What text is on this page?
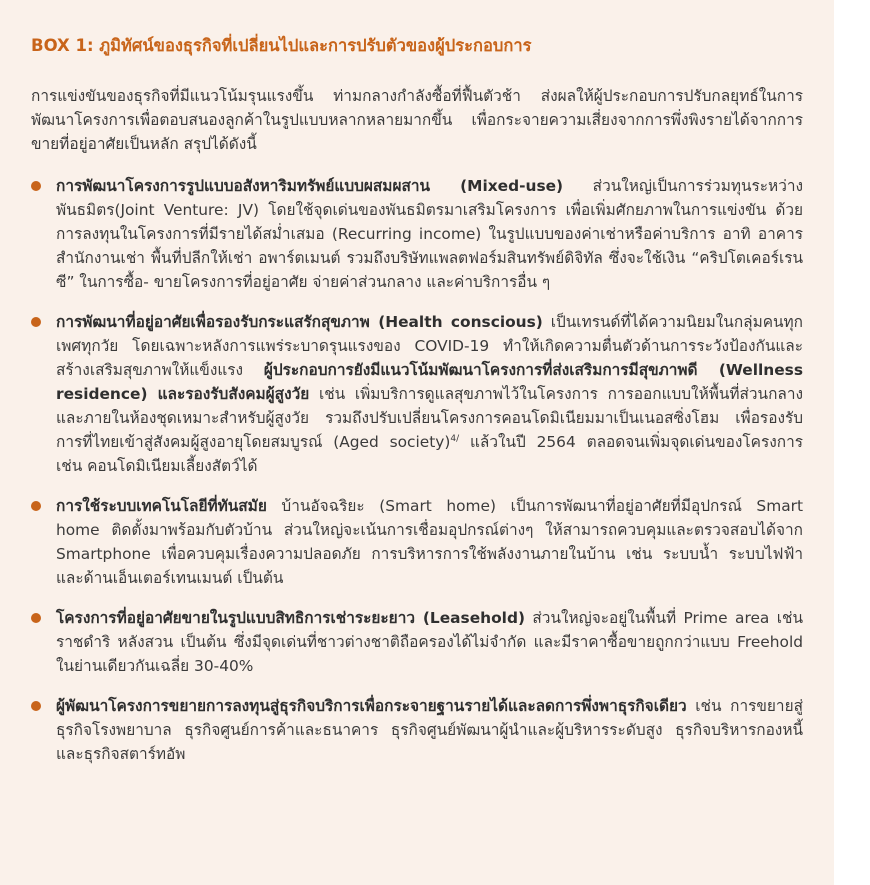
BOX 1: ภูมิทัศน์ของธุรกิจที่เปลี่ยนไปและการปรับตัวของผู้ประกอบการ

การแข่งขันของธุรกิจที่มีแนวโน้มรุนแรงขึ้น ท่ามกลางกำลังซื้อที่ฟื้นตัวช้า ส่งผลให้ผู้ประกอบการปรับกลยุทธ์ในการพัฒนาโครงการเพื่อตอบสนองลูกค้าในรูปแบบหลากหลายมากขึ้น เพื่อกระจายความเสี่ยงจากการพึ่งพิงรายได้จากการขายที่อยู่อาศัยเป็นหลัก สรุปได้ดังนี้

การพัฒนาโครงการรูปแบบอสังหาริมทรัพย์แบบผสมผสาน (Mixed-use) ส่วนใหญ่เป็นการร่วมทุนระหว่างพันธมิตร(Joint Venture: JV) โดยใช้จุดเด่นของพันธมิตรมาเสริมโครงการ เพื่อเพิ่มศักยภาพในการแข่งขัน ด้วยการลงทุนในโครงการที่มีรายได้สม่ำเสมอ (Recurring income) ในรูปแบบของค่าเช่าหรือค่าบริการ อาทิ อาคารสำนักงานเช่า พื้นที่ปลีกให้เช่า อพาร์ตเมนต์ รวมถึงบริษัทแพลตฟอร์มสินทรัพย์ดิจิทัล ซึ่งจะใช้เงิน “คริปโตเคอร์เรนซี” ในการซื้อ- ขายโครงการที่อยู่อาศัย จ่ายค่าส่วนกลาง และค่าบริการอื่น ๆ
การพัฒนาที่อยู่อาศัยเพื่อรองรับกระแสรักสุขภาพ (Health conscious) เป็นเทรนด์ที่ได้ความนิยมในกลุ่มคนทุกเพศทุกวัย โดยเฉพาะหลังการแพร่ระบาดรุนแรงของ COVID-19 ทำให้เกิดความตื่นตัวด้านการระวังป้องกันและสร้างเสริมสุขภาพให้แข็งแรง ผู้ประกอบการยังมีแนวโน้มพัฒนาโครงการที่ส่งเสริมการมีสุขภาพดี (Wellness residence) และรองรับสังคมผู้สูงวัย เช่น เพิ่มบริการดูแลสุขภาพไว้ในโครงการ การออกแบบให้พื้นที่ส่วนกลางและภายในห้องชุดเหมาะสำหรับผู้สูงวัย รวมถึงปรับเปลี่ยนโครงการคอนโดมิเนียมมาเป็นเนอสซิ่งโฮม เพื่อรองรับการที่ไทยเข้าสู่สังคมผู้สูงอายุโดยสมบูรณ์ (Aged society)$^{4/}$ แล้วในปี 2564 ตลอดจนเพิ่มจุดเด่นของโครงการ เช่น คอนโดมิเนียมเลี้ยงสัตว์ได้
การใช้ระบบเทคโนโลยีที่ทันสมัย บ้านอัจฉริยะ (Smart home) เป็นการพัฒนาที่อยู่อาศัยที่มีอุปกรณ์ Smart home ติดตั้งมาพร้อมกับตัวบ้าน ส่วนใหญ่จะเน้นการเชื่อมอุปกรณ์ต่างๆ ให้สามารถควบคุมและตรวจสอบได้จาก Smartphone เพื่อควบคุมเรื่องความปลอดภัย การบริหารการใช้พลังงานภายในบ้าน เช่น ระบบน้ำ ระบบไฟฟ้า และด้านเอ็นเตอร์เทนเมนต์ เป็นต้น
โครงการที่อยู่อาศัยขายในรูปแบบสิทธิการเช่าระยะยาว (Leasehold) ส่วนใหญ่จะอยู่ในพื้นที่ Prime area เช่น ราชดำริ หลังสวน เป็นต้น ซึ่งมีจุดเด่นที่ชาวต่างชาติถือครองได้ไม่จำกัด และมีราคาซื้อขายถูกกว่าแบบ Freehold ในย่านเดียวกันเฉลี่ย 30-40%
ผู้พัฒนาโครงการขยายการลงทุนสู่ธุรกิจบริการเพื่อกระจายฐานรายได้และลดการพึ่งพาธุรกิจเดียว เช่น การขยายสู่ธุรกิจโรงพยาบาล ธุรกิจศูนย์การค้าและธนาคาร ธุรกิจศูนย์พัฒนาผู้นำและผู้บริหารระดับสูง ธุรกิจบริหารกองหนี้ และธุรกิจสตาร์ทอัพ
